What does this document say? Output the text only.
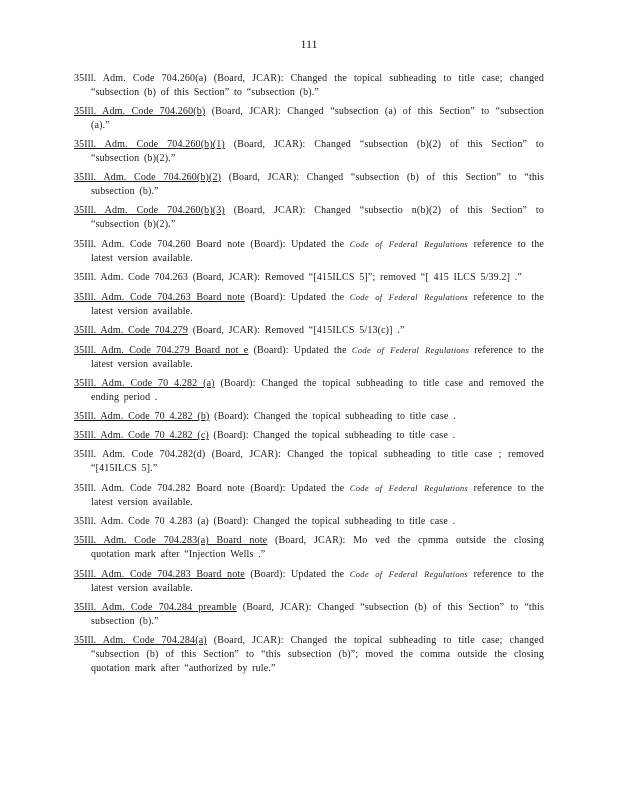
111
35Ill. Adm. Code 704.260(a) (Board, JCAR): Changed the topical subheading to title case; changed “subsection (b) of this Section” to “subsection (b).”
35Ill. Adm. Code 704.260(b) (Board, JCAR): Changed “subsection (a) of this Section” to “subsection (a).”
35Ill. Adm. Code 704.260(b)(1) (Board, JCAR): Changed “subsection (b)(2) of this Section” to “subsection (b)(2).”
35Ill. Adm. Code 704.260(b)(2) (Board, JCAR): Changed “subsection (b) of this Section” to “this subsection (b).”
35Ill. Adm. Code 704.260(b)(3) (Board, JCAR): Changed “subsectio n(b)(2) of this Section” to “subsection (b)(2).”
35Ill. Adm. Code 704.260 Board note (Board): Updated the Code of Federal Regulations reference to the latest version available.
35Ill. Adm. Code 704.263 (Board, JCAR): Removed “[415ILCS 5]”; removed “[ 415 ILCS 5/39.2] .”
35Ill. Adm. Code 704.263 Board note (Board): Updated the Code of Federal Regulations reference to the latest version available.
35Ill. Adm. Code 704.279 (Board, JCAR): Removed “[415ILCS 5/13(c)] .”
35Ill. Adm. Code 704.279 Board not e (Board): Updated the Code of Federal Regulations reference to the latest version available.
35Ill. Adm. Code 70 4.282 (a) (Board): Changed the topical subheading to title case and removed the ending period .
35Ill. Adm. Code 70 4.282 (b) (Board): Changed the topical subheading to title case .
35Ill. Adm. Code 70 4.282 (c) (Board): Changed the topical subheading to title case .
35Ill. Adm. Code 704.282(d) (Board, JCAR): Changed the topical subheading to title case ; removed “[415ILCS 5].”
35Ill. Adm. Code 704.282 Board note (Board): Updated the Code of Federal Regulations reference to the latest version available.
35Ill. Adm. Code 70 4.283 (a) (Board): Changed the topical subheading to title case .
35Ill. Adm. Code 704.283(a) Board note (Board, JCAR): Mo ved the cpmma outside the closing quotation mark after “Injection Wells .”
35Ill. Adm. Code 704.283 Board note (Board): Updated the Code of Federal Regulations reference to the latest version available.
35Ill. Adm. Code 704.284 preamble (Board, JCAR): Changed “subsection (b) of this Section” to “this subsection (b).”
35Ill. Adm. Code 704.284(a) (Board, JCAR): Changed the topical subheading to title case; changed “subsection (b) of this Section” to “this subsection (b)”; moved the comma outside the closing quotation mark after “authorized by rule.”
